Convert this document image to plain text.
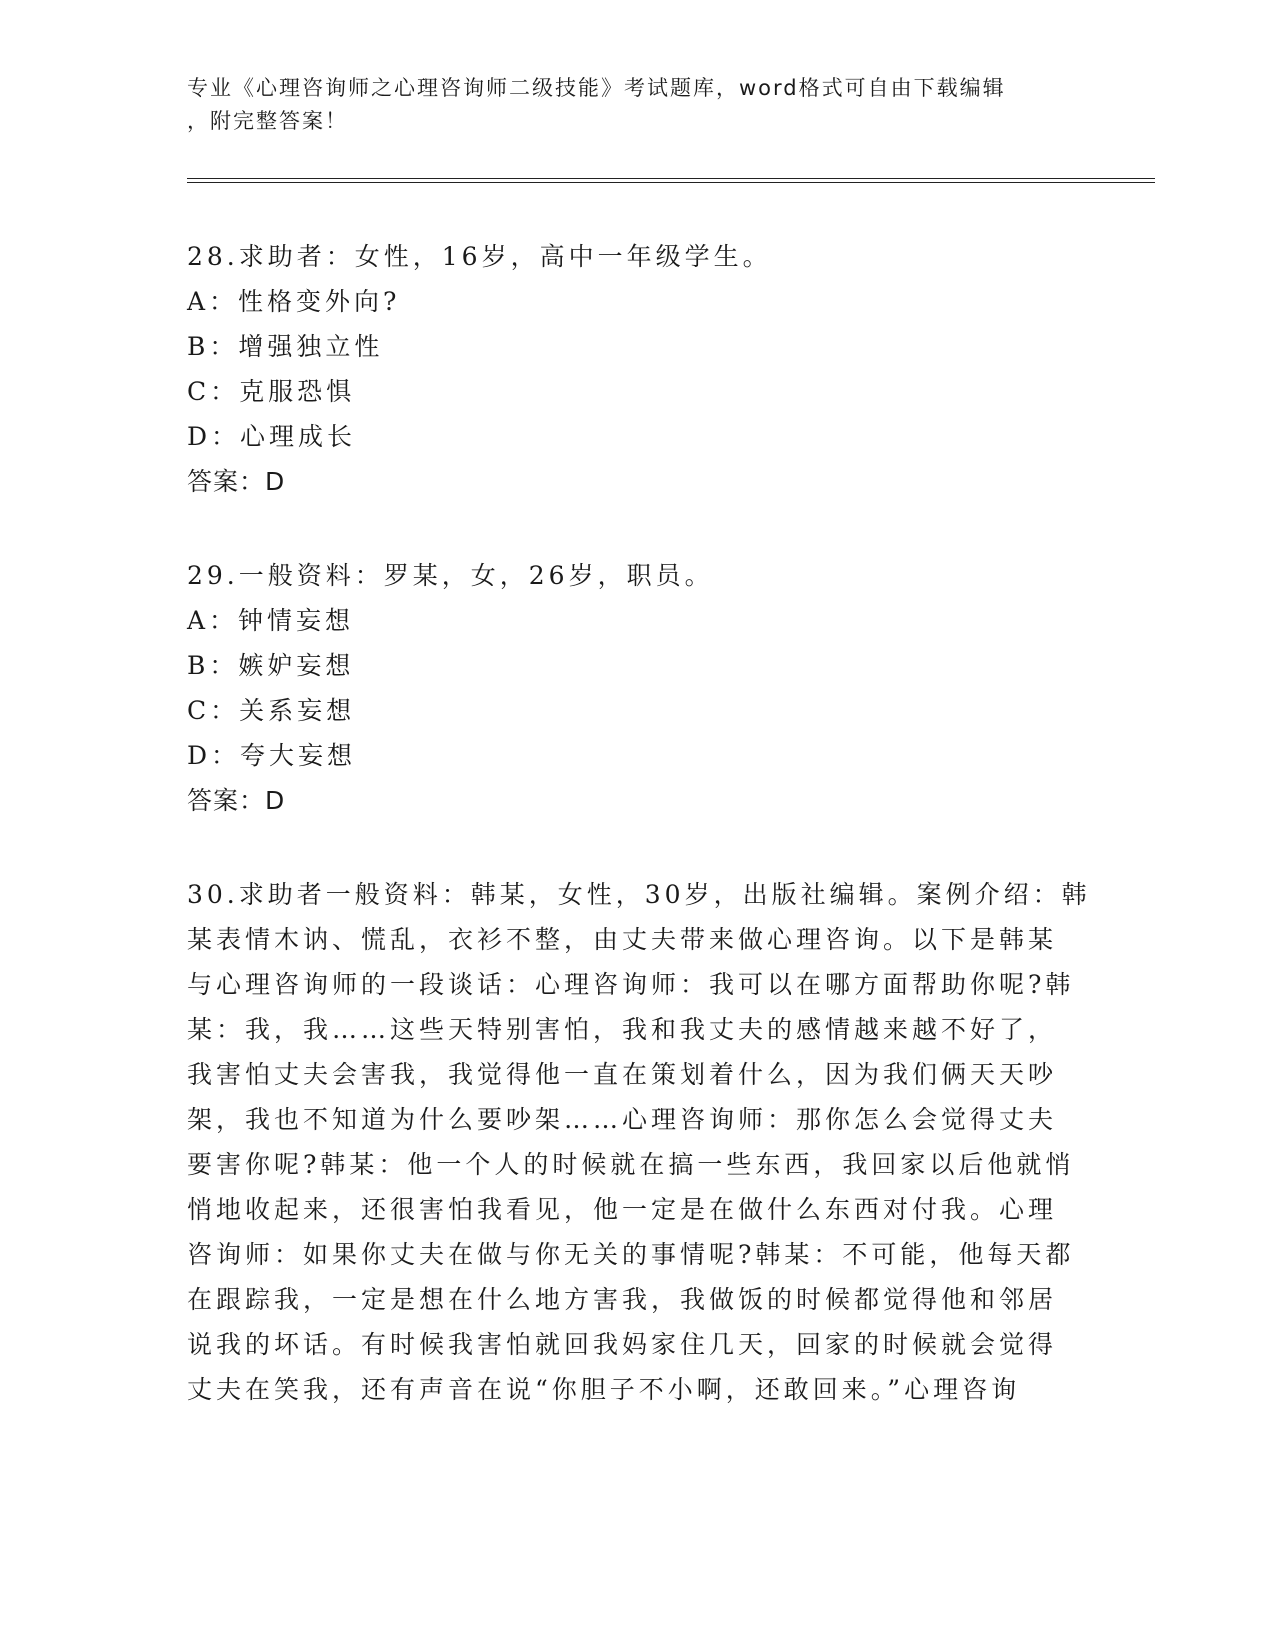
专业《心理咨询师之心理咨询师二级技能》考试题库，word格式可自由下载编辑
，附完整答案！
28.求助者：女性，16岁，高中一年级学生。
A：性格变外向?
B：增强独立性
C：克服恐惧
D：心理成长
答案：D
29.一般资料：罗某，女，26岁，职员。
A：钟情妄想
B：嫉妒妄想
C：关系妄想
D：夸大妄想
答案：D
30.求助者一般资料：韩某，女性，30岁，出版社编辑。案例介绍：韩
某表情木讷、慌乱，衣衫不整，由丈夫带来做心理咨询。以下是韩某
与心理咨询师的一段谈话：心理咨询师：我可以在哪方面帮助你呢?韩
某：我，我……这些天特别害怕，我和我丈夫的感情越来越不好了，
我害怕丈夫会害我，我觉得他一直在策划着什么，因为我们俩天天吵
架，我也不知道为什么要吵架……心理咨询师：那你怎么会觉得丈夫
要害你呢?韩某：他一个人的时候就在搞一些东西，我回家以后他就悄
悄地收起来，还很害怕我看见，他一定是在做什么东西对付我。心理
咨询师：如果你丈夫在做与你无关的事情呢?韩某：不可能，他每天都
在跟踪我，一定是想在什么地方害我，我做饭的时候都觉得他和邻居
说我的坏话。有时候我害怕就回我妈家住几天，回家的时候就会觉得
丈夫在笑我，还有声音在说“你胆子不小啊，还敢回来。”心理咨询
